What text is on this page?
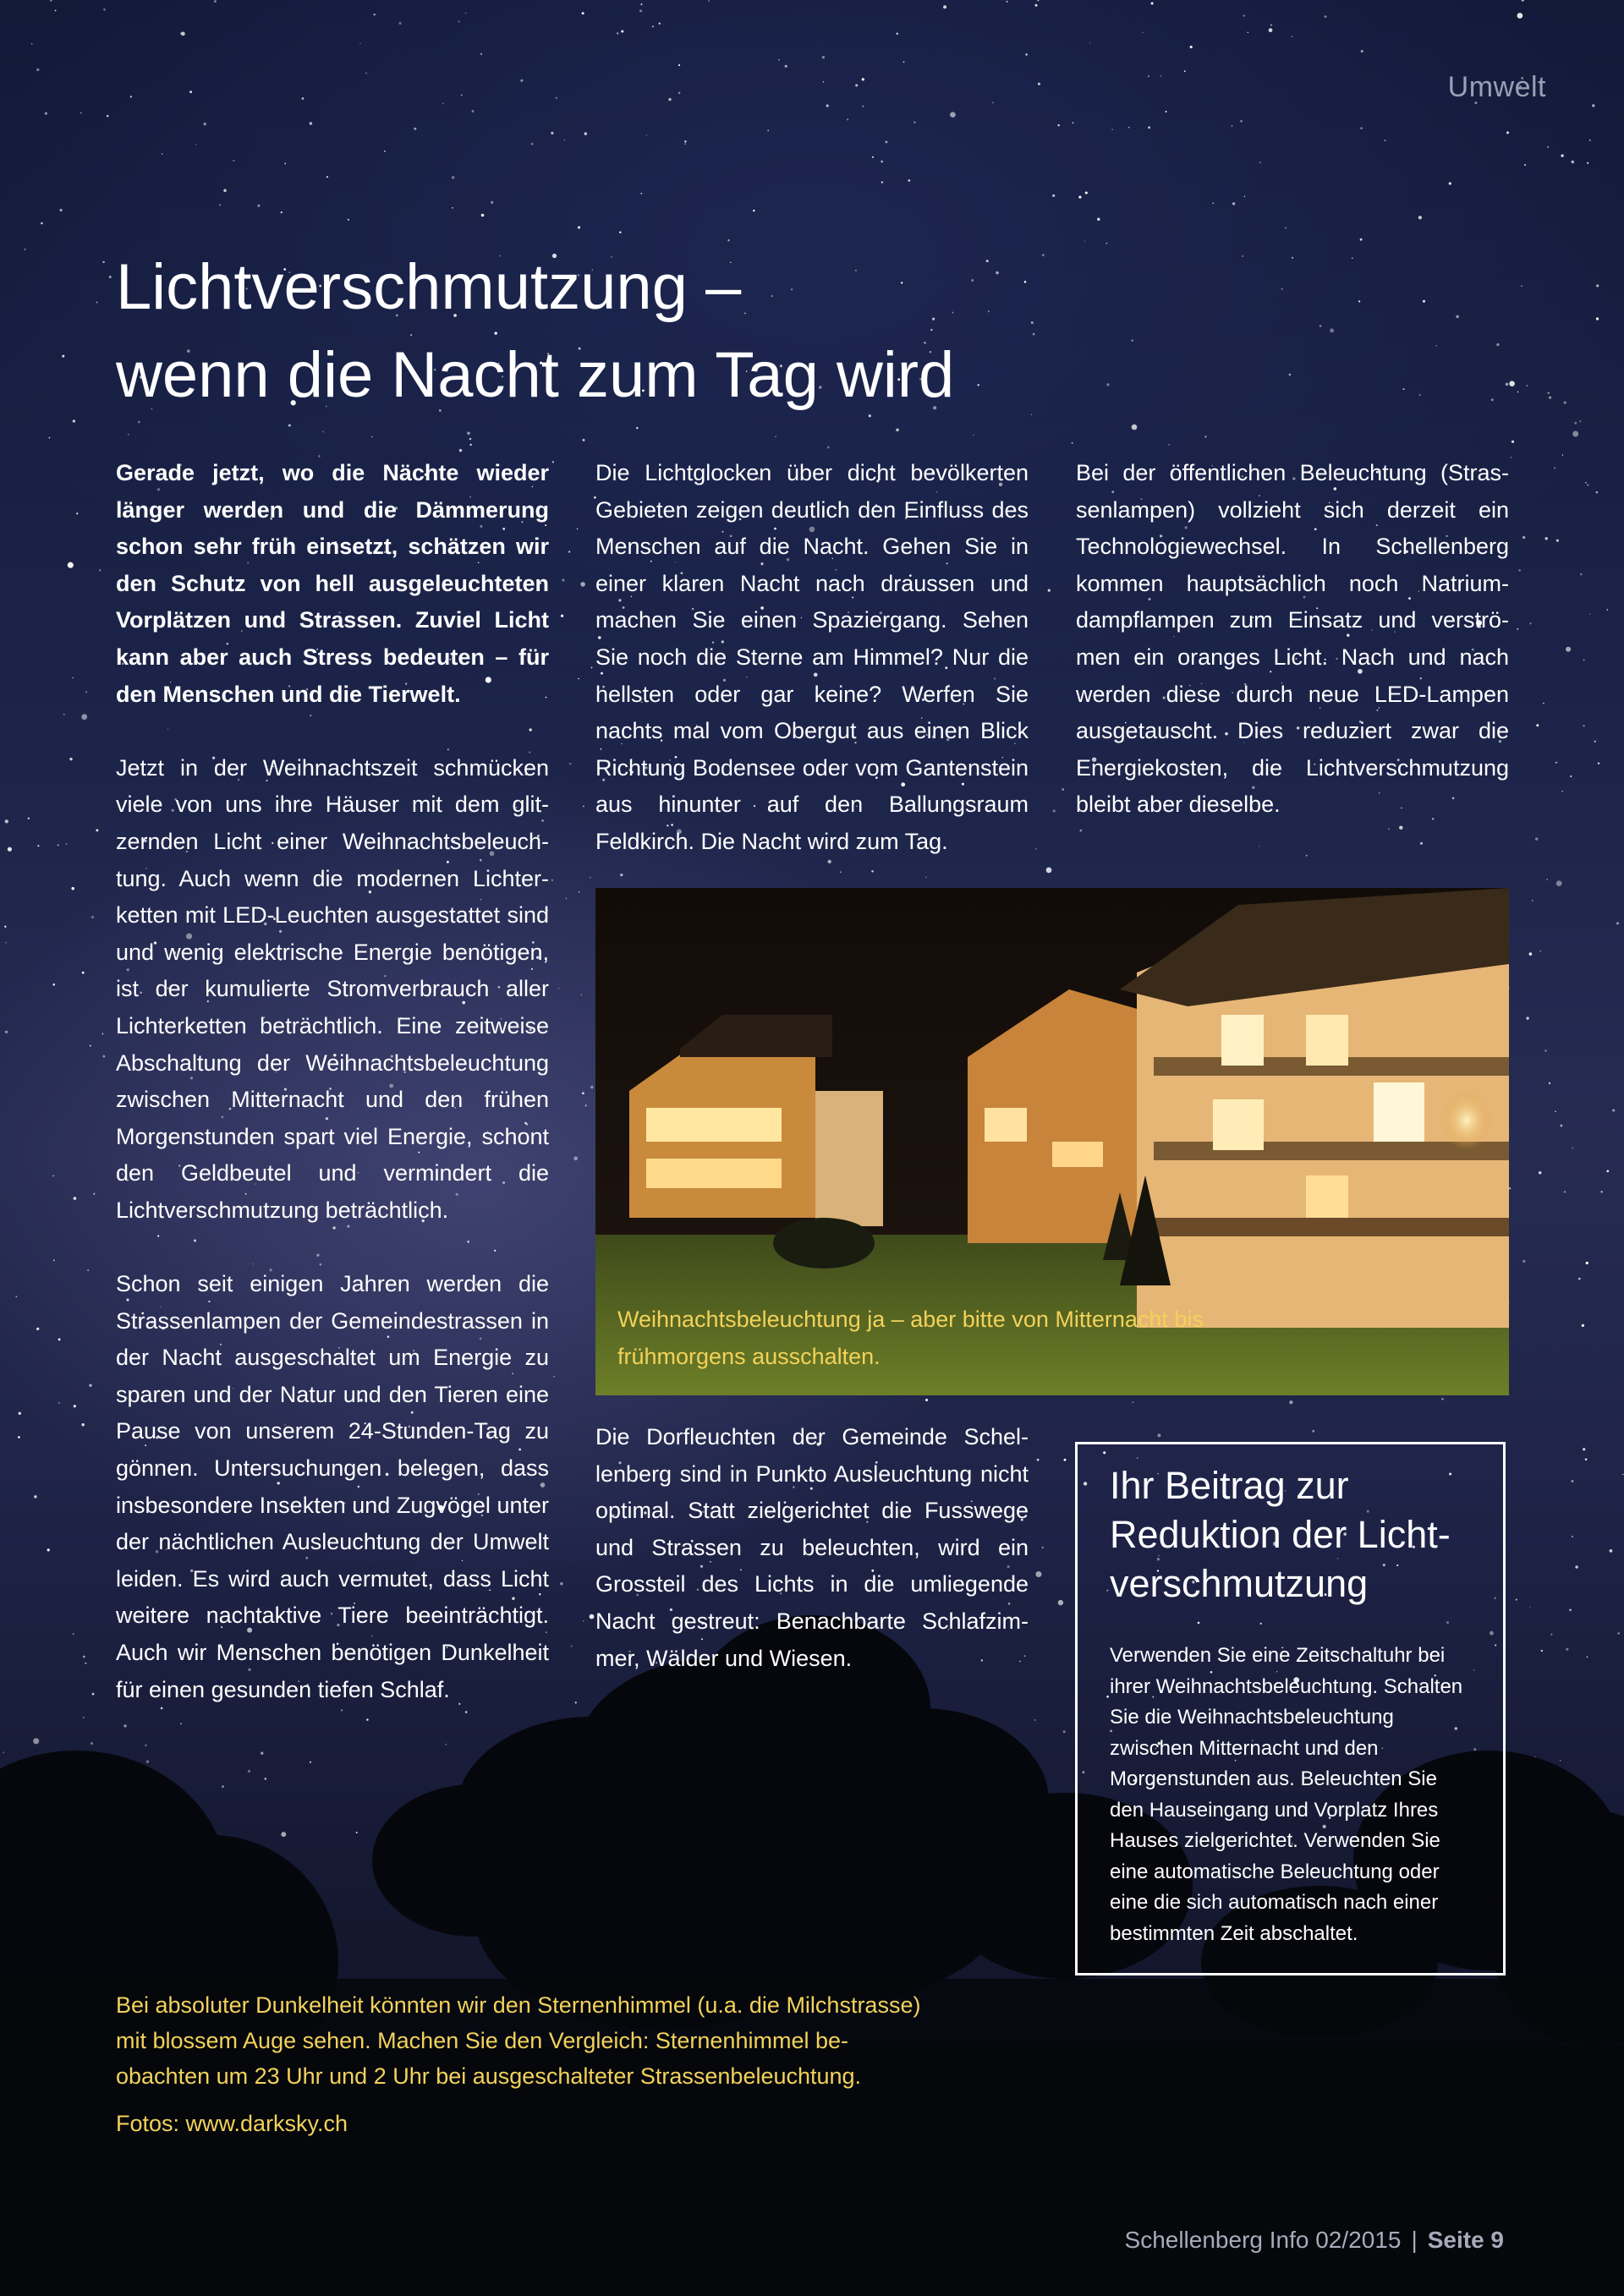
Umwelt
Lichtverschmutzung –
wenn die Nacht zum Tag wird

Gerade jetzt, wo die Nächte wieder länger werden und die Dämmerung schon sehr früh einsetzt, schätzen wir den Schutz von hell ausgeleuchteten Vorplätzen und Strassen. Zuviel Licht kann aber auch Stress bedeuten – für den Menschen und die Tierwelt.

Jetzt in der Weihnachtszeit schmücken viele von uns ihre Häuser mit dem glitzernden Licht einer Weihnachtsbeleuchtung. Auch wenn die modernen Lichterketten mit LED-Leuchten ausgestattet sind und wenig elektrische Energie benötigen, ist der kumulierte Stromverbrauch aller Lichterketten beträchtlich. Eine zeitweise Abschaltung der Weihnachtsbeleuchtung zwischen Mitternacht und den frühen Morgenstunden spart viel Energie, schont den Geldbeutel und vermindert die Lichtverschmutzung beträchtlich.

Schon seit einigen Jahren werden die Strassenlampen der Gemeindestrassen in der Nacht ausgeschaltet um Energie zu sparen und der Natur und den Tieren eine Pause von unserem 24-Stunden-Tag zu gönnen. Untersuchungen belegen, dass insbesondere Insekten und Zugvögel unter der nächtlichen Ausleuchtung der Umwelt leiden. Es wird auch vermutet, dass Licht weitere nachtaktive Tiere beeinträchtigt. Auch wir Menschen benötigen Dunkelheit für einen gesunden tiefen Schlaf.

Die Lichtglocken über dicht bevölkerten Gebieten zeigen deutlich den Einfluss des Menschen auf die Nacht. Gehen Sie in einer klaren Nacht nach draussen und machen Sie einen Spaziergang. Sehen Sie noch die Sterne am Himmel? Nur die hellsten oder gar keine? Werfen Sie nachts mal vom Obergut aus einen Blick Richtung Bodensee oder vom Gantenstein aus hinunter auf den Ballungsraum Feldkirch. Die Nacht wird zum Tag.

Bei der öffentlichen Beleuchtung (Strassenlampen) vollzieht sich derzeit ein Technologiewechsel. In Schellenberg kommen hauptsächlich noch Natriumdampflampen zum Einsatz und verströmen ein oranges Licht. Nach und nach werden diese durch neue LED-Lampen ausgetauscht. Dies reduziert zwar die Energiekosten, die Lichtverschmutzung bleibt aber dieselbe.

Weihnachtsbeleuchtung ja – aber bitte von Mitternacht bis frühmorgens ausschalten.

Die Dorfleuchten der Gemeinde Schellenberg sind in Punkto Ausleuchtung nicht optimal. Statt zielgerichtet die Fusswege und Strassen zu beleuchten, wird ein Grossteil des Lichts in die umliegende Nacht gestreut: Benachbarte Schlafzimmer, Wälder und Wiesen.

Ihr Beitrag zur Reduktion der Lichtverschmutzung

Verwenden Sie eine Zeitschaltuhr bei ihrer Weihnachtsbeleuchtung. Schalten Sie die Weihnachtsbeleuchtung zwischen Mitternacht und den Morgenstunden aus. Beleuchten Sie den Hauseingang und Vorplatz Ihres Hauses zielgerichtet. Verwenden Sie eine automatische Beleuchtung oder eine die sich automatisch nach einer bestimmten Zeit abschaltet.

Bei absoluter Dunkelheit könnten wir den Sternenhimmel (u.a. die Milchstrasse) mit blossem Auge sehen. Machen Sie den Vergleich: Sternenhimmel beobachten um 23 Uhr und 2 Uhr bei ausgeschalteter Strassenbeleuchtung.

Fotos: www.darksky.ch

Schellenberg Info 02/2015 | Seite 9
